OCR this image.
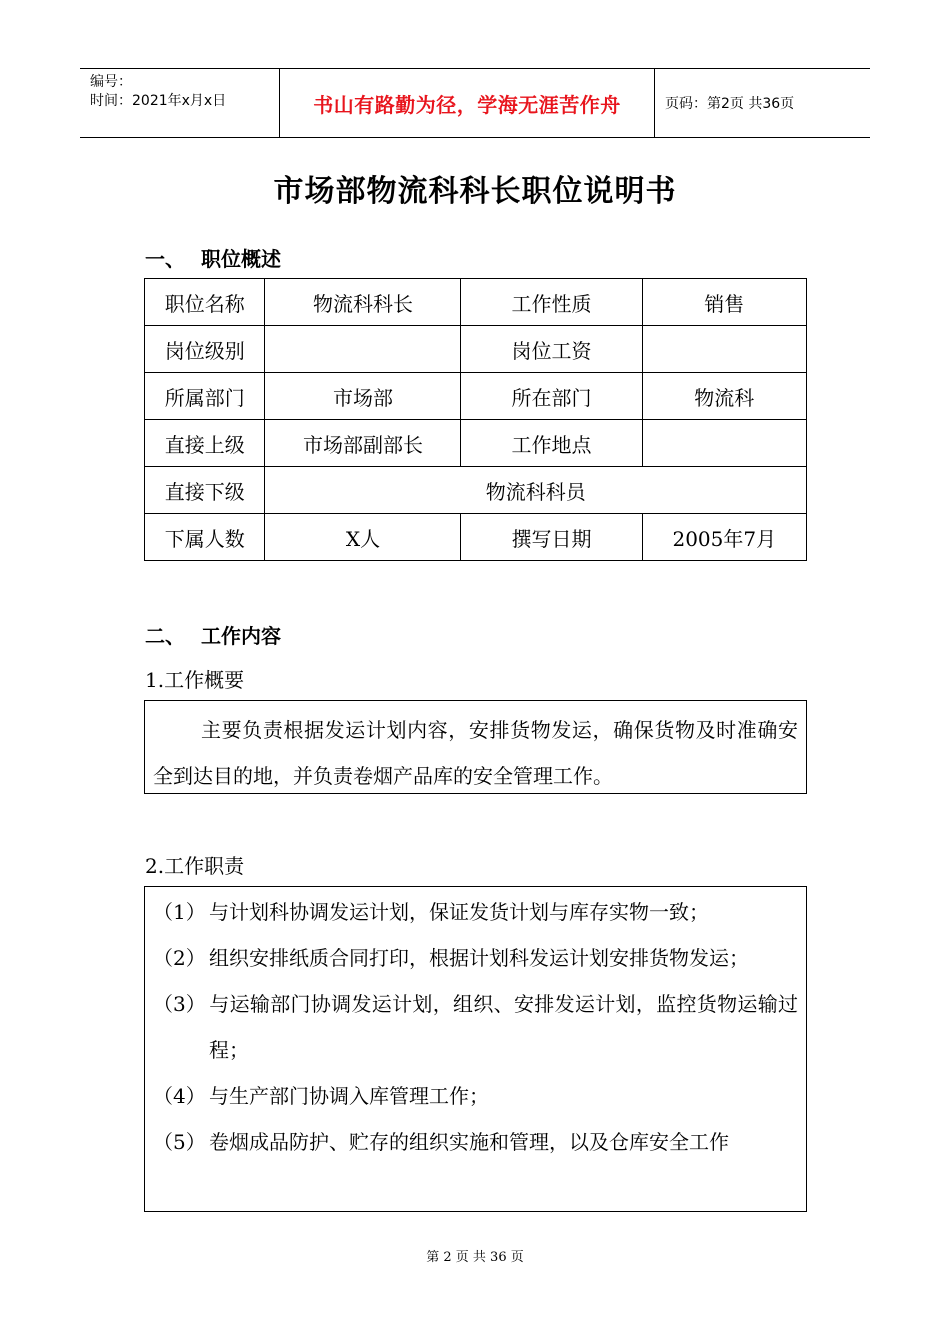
编号：
时间：2021年x月x日	书山有路勤为径，学海无涯苦作舟	页码：第2页 共36页
市场部物流科科长职位说明书
一、 职位概述
职位名称	物流科科长	工作性质	销售
岗位级别		岗位工资	
所属部门	市场部	所在部门	物流科
直接上级	市场部副部长	工作地点	
直接下级	物流科科员		
下属人数	X人	撰写日期	2005年7月
二、 工作内容
1.工作概要
主要负责根据发运计划内容，安排货物发运，确保货物及时准确安全到达目的地，并负责卷烟产品库的安全管理工作。
2.工作职责
（1） 与计划科协调发运计划，保证发货计划与库存实物一致；
（2） 组织安排纸质合同打印，根据计划科发运计划安排货物发运；
（3） 与运输部门协调发运计划，组织、安排发运计划，监控货物运输过程；
（4） 与生产部门协调入库管理工作；
（5） 卷烟成品防护、贮存的组织实施和管理，以及仓库安全工作
第 2 页 共 36 页
